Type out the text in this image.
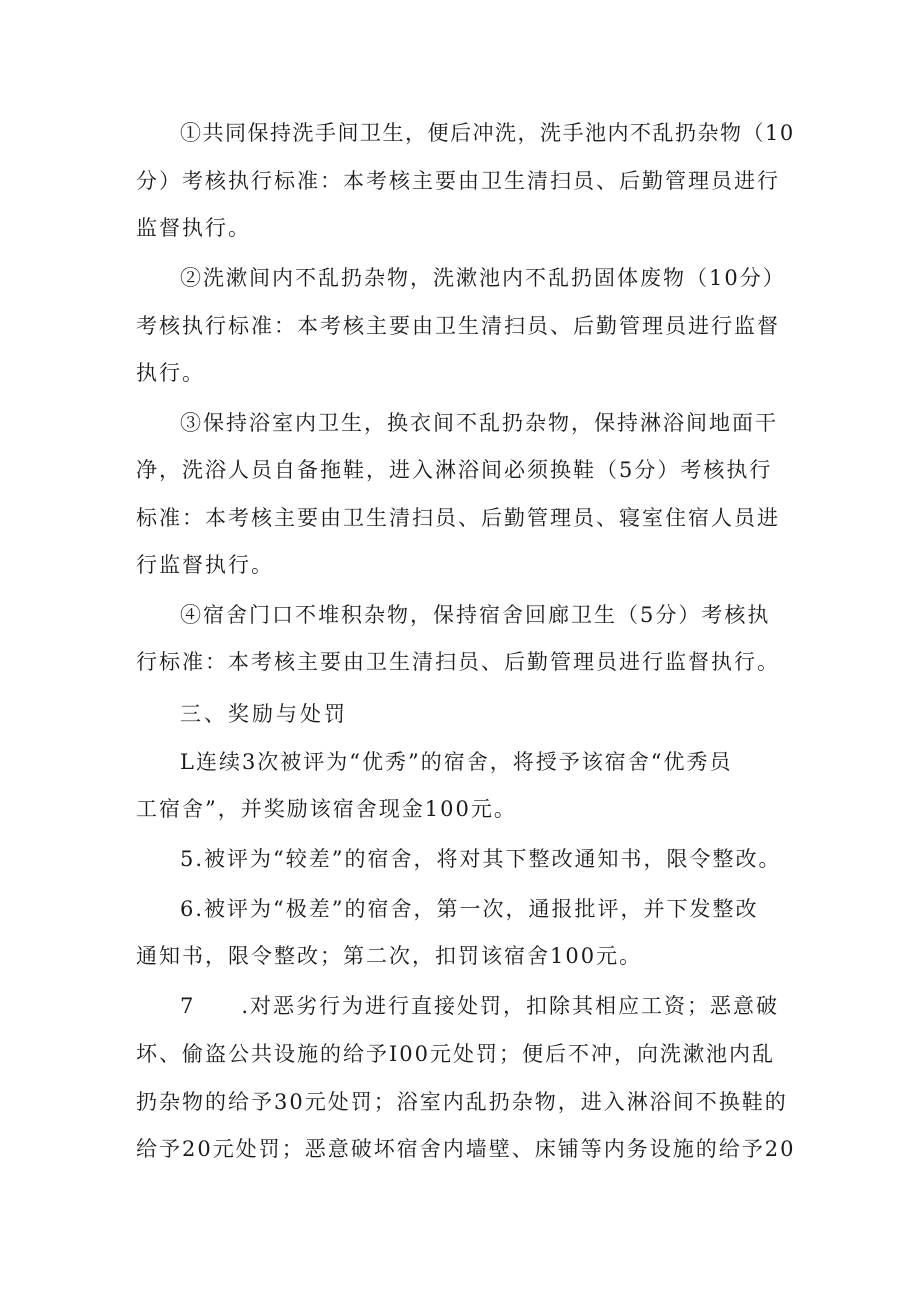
①共同保持洗手间卫生，便后冲洗，洗手池内不乱扔杂物（10
分）考核执行标准：本考核主要由卫生清扫员、后勤管理员进行
监督执行。
②洗漱间内不乱扔杂物，洗漱池内不乱扔固体废物（10分）
考核执行标准：本考核主要由卫生清扫员、后勤管理员进行监督
执行。
③保持浴室内卫生，换衣间不乱扔杂物，保持淋浴间地面干
净，洗浴人员自备拖鞋，进入淋浴间必须换鞋（5分）考核执行
标准：本考核主要由卫生清扫员、后勤管理员、寝室住宿人员进
行监督执行。
④宿舍门口不堆积杂物，保持宿舍回廊卫生（5分）考核执
行标准：本考核主要由卫生清扫员、后勤管理员进行监督执行。
三、奖励与处罚
L连续3次被评为“优秀”的宿舍，将授予该宿舍“优秀员
工宿舍”，并奖励该宿舍现金100元。
5.被评为“较差”的宿舍，将对其下整改通知书，限令整改。
6.被评为“极差”的宿舍，第一次，通报批评，并下发整改
通知书，限令整改；第二次，扣罚该宿舍100元。
7　　.对恶劣行为进行直接处罚，扣除其相应工资；恶意破
坏、偷盗公共设施的给予I00元处罚；便后不冲，向洗漱池内乱
扔杂物的给予30元处罚；浴室内乱扔杂物，进入淋浴间不换鞋的
给予20元处罚；恶意破坏宿舍内墙壁、床铺等内务设施的给予20
